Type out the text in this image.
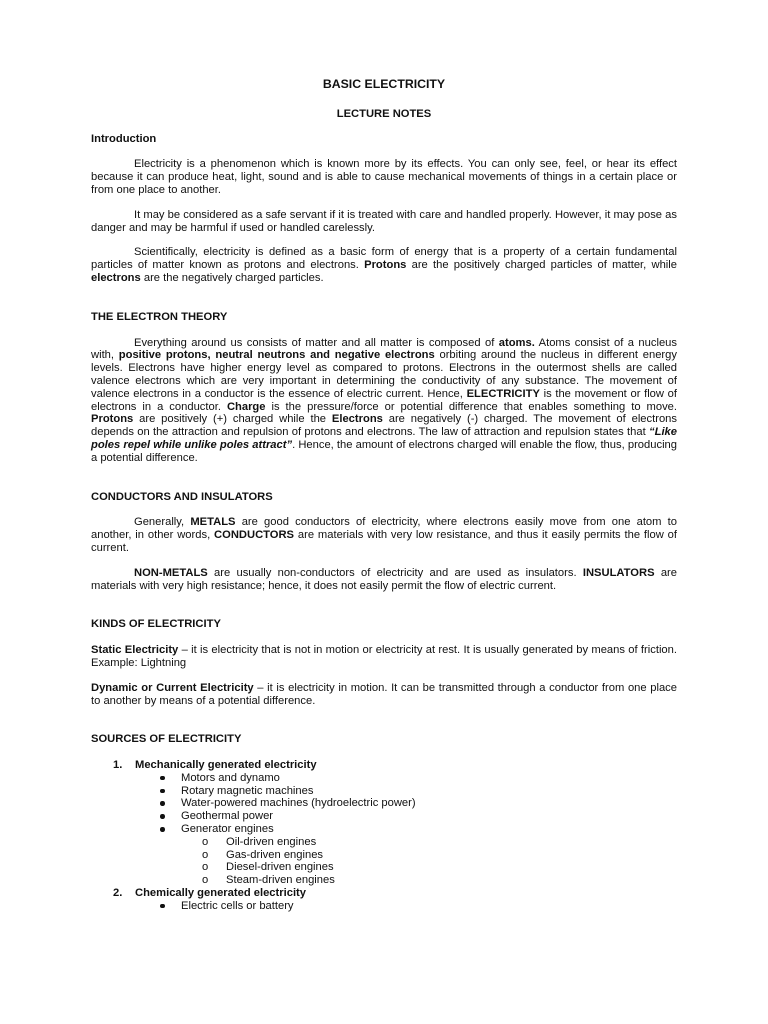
BASIC ELECTRICITY
LECTURE NOTES
Introduction

Electricity is a phenomenon which is known more by its effects. You can only see, feel, or hear its effect because it can produce heat, light, sound and is able to cause mechanical movements of things in a certain place or from one place to another.

It may be considered as a safe servant if it is treated with care and handled properly. However, it may pose as danger and may be harmful if used or handled carelessly.

Scientifically, electricity is defined as a basic form of energy that is a property of a certain fundamental particles of matter known as protons and electrons. Protons are the positively charged particles of matter, while electrons are the negatively charged particles.

THE ELECTRON THEORY

Everything around us consists of matter and all matter is composed of atoms. Atoms consist of a nucleus with, positive protons, neutral neutrons and negative electrons orbiting around the nucleus in different energy levels. Electrons have higher energy level as compared to protons. Electrons in the outermost shells are called valence electrons which are very important in determining the conductivity of any substance. The movement of valence electrons in a conductor is the essence of electric current. Hence, ELECTRICITY is the movement or flow of electrons in a conductor. Charge is the pressure/force or potential difference that enables something to move. Protons are positively (+) charged while the Electrons are negatively (-) charged. The movement of electrons depends on the attraction and repulsion of protons and electrons. The law of attraction and repulsion states that “Like poles repel while unlike poles attract”. Hence, the amount of electrons charged will enable the flow, thus, producing a potential difference.

CONDUCTORS AND INSULATORS

Generally, METALS are good conductors of electricity, where electrons easily move from one atom to another, in other words, CONDUCTORS are materials with very low resistance, and thus it easily permits the flow of current.

NON-METALS are usually non-conductors of electricity and are used as insulators. INSULATORS are materials with very high resistance; hence, it does not easily permit the flow of electric current.

KINDS OF ELECTRICITY

Static Electricity – it is electricity that is not in motion or electricity at rest. It is usually generated by means of friction. Example: Lightning

Dynamic or Current Electricity – it is electricity in motion. It can be transmitted through a conductor from one place to another by means of a potential difference.

SOURCES OF ELECTRICITY
1. Mechanically generated electricity
Motors and dynamo
Rotary magnetic machines
Water-powered machines (hydroelectric power)
Geothermal power
Generator engines
o Oil-driven engines
o Gas-driven engines
o Diesel-driven engines
o Steam-driven engines
2. Chemically generated electricity
Electric cells or battery
